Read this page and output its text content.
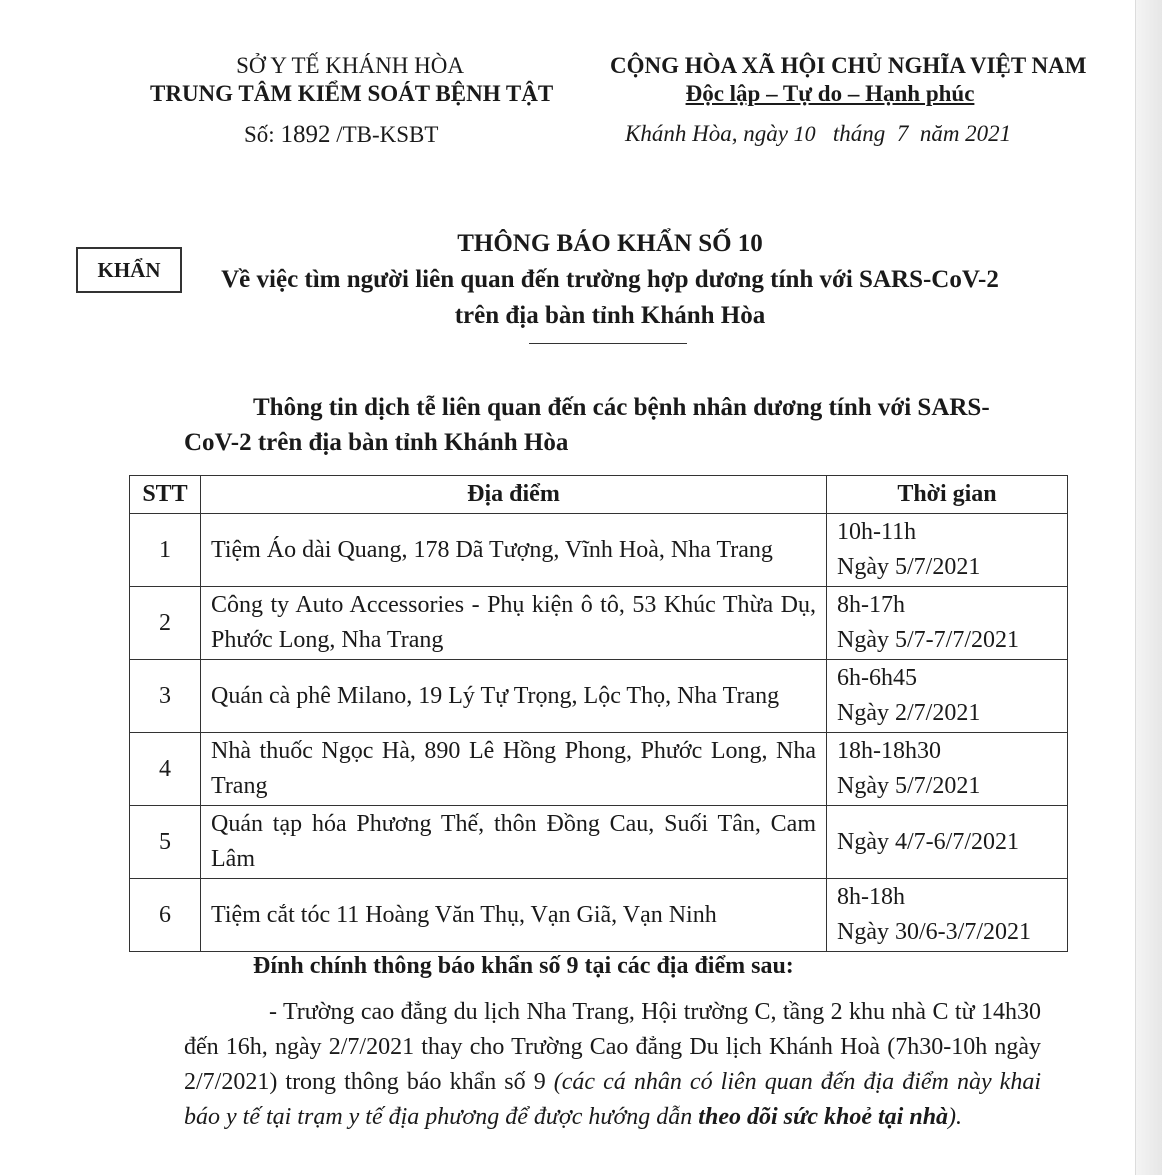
SỞ Y TẾ KHÁNH HÒA
TRUNG TÂM KIỂM SOÁT BỆNH TẬT
Số: 1892 /TB-KSBT
CỘNG HÒA XÃ HỘI CHỦ NGHĨA VIỆT NAM
Độc lập – Tự do – Hạnh phúc
Khánh Hòa, ngày 10 tháng 7 năm 2021
KHẨN
THÔNG BÁO KHẨN SỐ 10
Về việc tìm người liên quan đến trường hợp dương tính với SARS-CoV-2
trên địa bàn tỉnh Khánh Hòa
Thông tin dịch tễ liên quan đến các bệnh nhân dương tính với SARS-
CoV-2 trên địa bàn tỉnh Khánh Hòa
STT	Địa điểm	Thời gian
1	Tiệm Áo dài Quang, 178 Dã Tượng, Vĩnh Hoà, Nha Trang	10h-11h
Ngày 5/7/2021

2	Công ty Auto Accessories - Phụ kiện ô tô, 53 Khúc Thừa Dụ, Phước Long, Nha Trang	8h-17h
Ngày 5/7-7/7/2021

3	Quán cà phê Milano, 19 Lý Tự Trọng, Lộc Thọ, Nha Trang	6h-6h45
Ngày 2/7/2021

4	Nhà thuốc Ngọc Hà, 890 Lê Hồng Phong, Phước Long, Nha Trang	18h-18h30
Ngày 5/7/2021

5	Quán tạp hóa Phương Thế, thôn Đồng Cau, Suối Tân, Cam Lâm	Ngày 4/7-6/7/2021

6	Tiệm cắt tóc 11 Hoàng Văn Thụ, Vạn Giã, Vạn Ninh	8h-18h
Ngày 30/6-3/7/2021
Đính chính thông báo khẩn số 9 tại các địa điểm sau:
- Trường cao đẳng du lịch Nha Trang, Hội trường C, tầng 2 khu nhà C từ 14h30 đến 16h, ngày 2/7/2021 thay cho Trường Cao đẳng Du lịch Khánh Hoà (7h30-10h ngày 2/7/2021) trong thông báo khẩn số 9 (các cá nhân có liên quan đến địa điểm này khai báo y tế tại trạm y tế địa phương để được hướng dẫn theo dõi sức khoẻ tại nhà).
